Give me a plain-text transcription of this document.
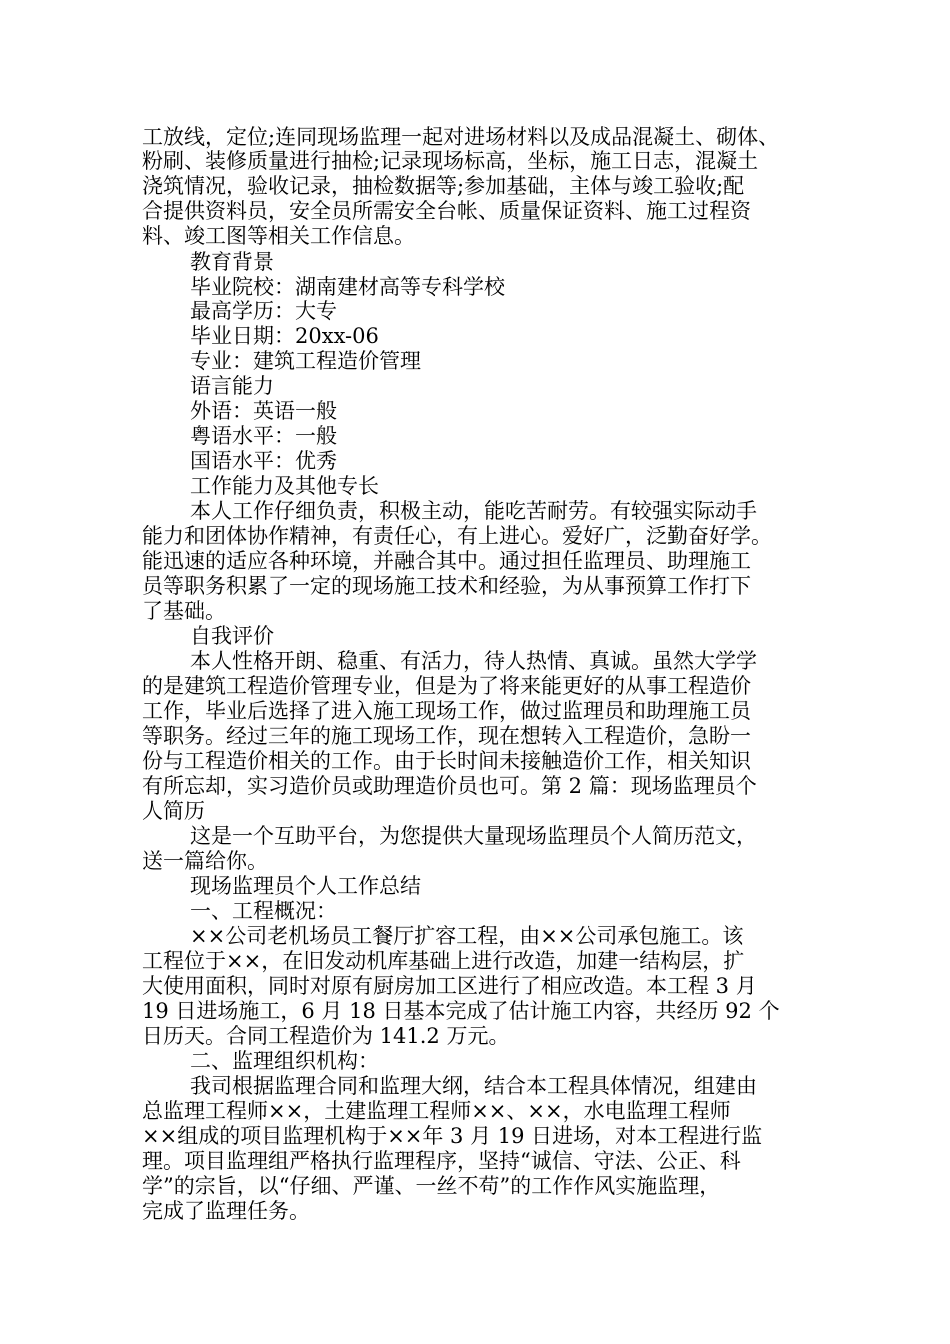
工放线，定位;连同现场监理一起对进场材料以及成品混凝土、砌体、
粉刷、装修质量进行抽检;记录现场标高，坐标，施工日志，混凝土
浇筑情况，验收记录，抽检数据等;参加基础，主体与竣工验收;配
合提供资料员，安全员所需安全台帐、质量保证资料、施工过程资
料、竣工图等相关工作信息。
教育背景
毕业院校：湖南建材高等专科学校
最高学历：大专
毕业日期：20xx-06
专业：建筑工程造价管理
语言能力
外语：英语一般
粤语水平：一般
国语水平：优秀
工作能力及其他专长
本人工作仔细负责，积极主动，能吃苦耐劳。有较强实际动手
能力和团体协作精神，有责任心，有上进心。爱好广，泛勤奋好学。
能迅速的适应各种环境，并融合其中。通过担任监理员、助理施工
员等职务积累了一定的现场施工技术和经验，为从事预算工作打下
了基础。
自我评价
本人性格开朗、稳重、有活力，待人热情、真诚。虽然大学学
的是建筑工程造价管理专业，但是为了将来能更好的从事工程造价
工作，毕业后选择了进入施工现场工作，做过监理员和助理施工员
等职务。经过三年的施工现场工作，现在想转入工程造价，急盼一
份与工程造价相关的工作。由于长时间未接触造价工作，相关知识
有所忘却，实习造价员或助理造价员也可。第 2 篇：现场监理员个
人简历
这是一个互助平台，为您提供大量现场监理员个人简历范文，
送一篇给你。
现场监理员个人工作总结
一、工程概况：
××公司老机场员工餐厅扩容工程，由××公司承包施工。该
工程位于××，在旧发动机库基础上进行改造，加建一结构层，扩
大使用面积，同时对原有厨房加工区进行了相应改造。本工程 3 月
19 日进场施工，6 月 18 日基本完成了估计施工内容，共经历 92 个
日历天。合同工程造价为 141.2 万元。
二、监理组织机构：
我司根据监理合同和监理大纲，结合本工程具体情况，组建由
总监理工程师××，土建监理工程师××、××，水电监理工程师
××组成的项目监理机构于××年 3 月 19 日进场，对本工程进行监
理。项目监理组严格执行监理程序，坚持“诚信、守法、公正、科
学”的宗旨，以“仔细、严谨、一丝不苟”的工作作风实施监理，
完成了监理任务。
